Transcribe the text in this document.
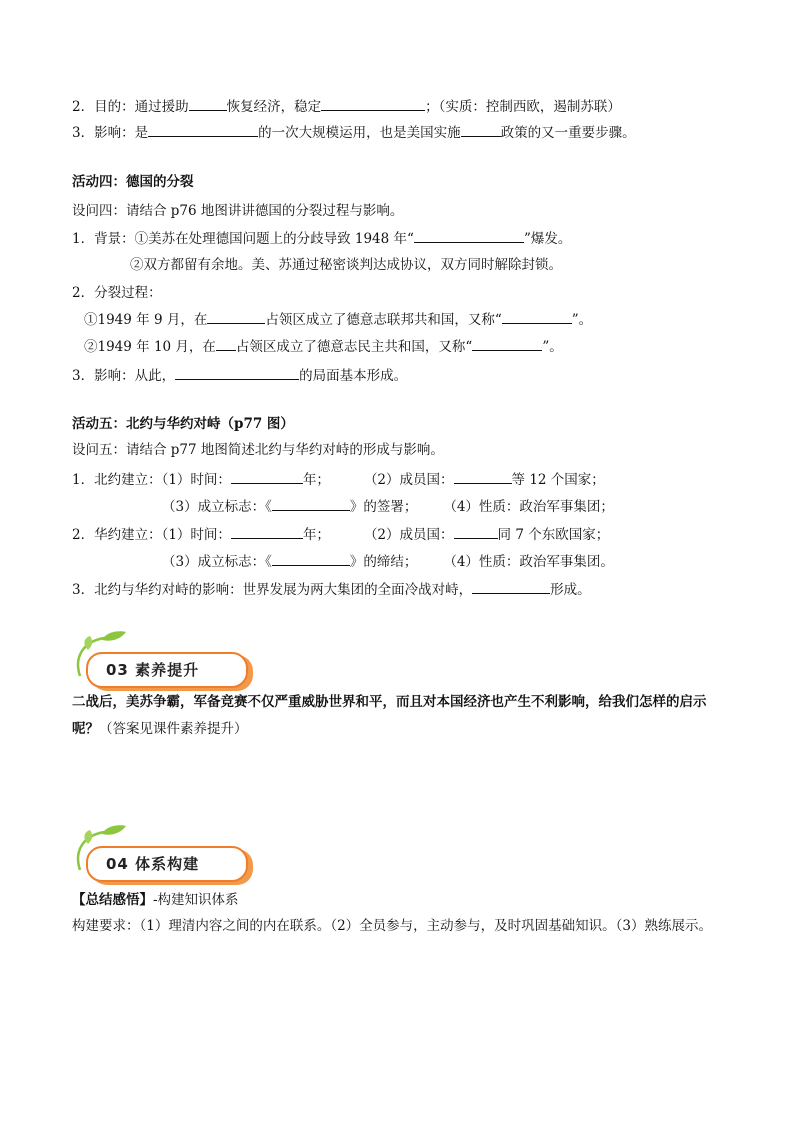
2．目的：通过援助	恢复经济，稳定	；（实质：控制西欧，遏制苏联）
3．影响：是	的一次大规模运用，也是美国实施	政策的又一重要步骤。
活动四：德国的分裂
设问四：请结合 p76 地图讲讲德国的分裂过程与影响。
1．背景：①美苏在处理德国问题上的分歧导致 1948 年“	”爆发。
②双方都留有余地。美、苏通过秘密谈判达成协议，双方同时解除封锁。
2．分裂过程：
①1949 年 9 月，在	占领区成立了德意志联邦共和国，又称“	”。
②1949 年 10 月，在 占领区成立了德意志民主共和国，又称“	”。
3．影响：从此，	的局面基本形成。
活动五：北约与华约对峙（p77 图）
设问五：请结合 p77 地图简述北约与华约对峙的形成与影响。
1．北约建立：（1）时间：	年；	（2）成员国：	等 12 个国家；
（3）成立标志：《	》的签署； （4）性质：政治军事集团；
2．华约建立：（1）时间：	年；	（2）成员国：	同 7 个东欧国家；
（3）成立标志：《	》的缔结； （4）性质：政治军事集团。
3．北约与华约对峙的影响：世界发展为两大集团的全面冷战对峙，	形成。
03 素养提升
二战后，美苏争霸，军备竞赛不仅严重威胁世界和平，而且对本国经济也产生不利影响，给我们怎样的启示呢？（答案见课件素养提升）
04 体系构建
【总结感悟】-构建知识体系
构建要求：（1）理清内容之间的内在联系。（2）全员参与，主动参与，及时巩固基础知识。（3）熟练展示。
